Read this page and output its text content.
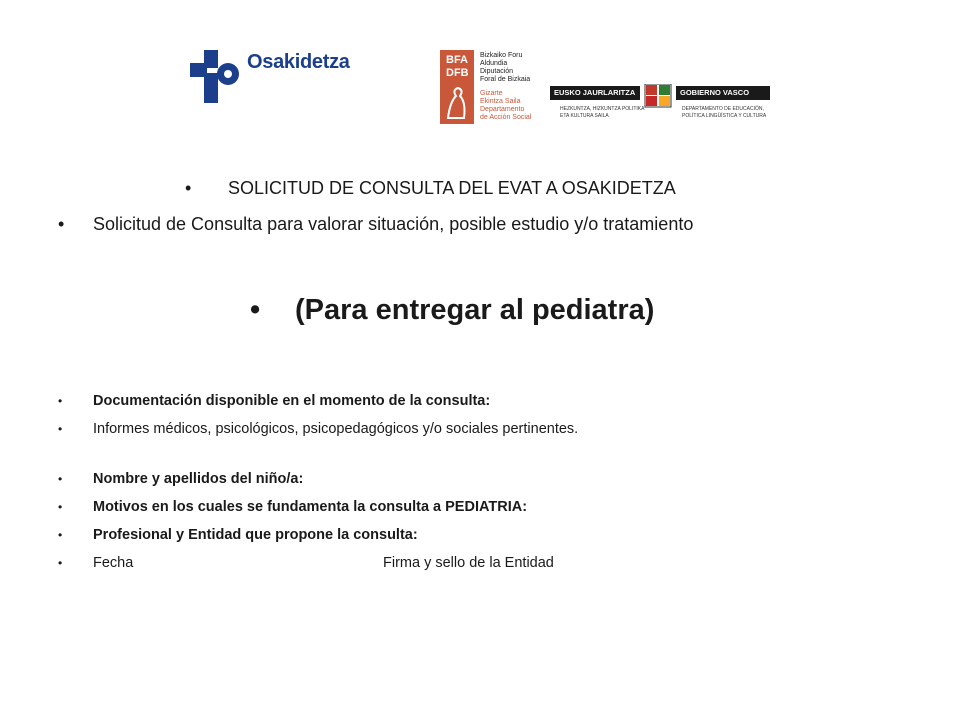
Osakidetza	BFA
DFB
Bizkaiko Foru
Aldundia
Diputación
Foral de Bizkaia
Gizarte
Ekintza Saila
Departamento
de Acción Social
EUSKO JAURLARITZA	GOBIERNO VASCO
HEZKUNTZA, HIZKUNTZA POLITIKA
ETA KULTURA SAILA
DEPARTAMENTO DE EDUCACIÓN,
POLÍTICA LINGÜÍSTICA Y CULTURA
• SOLICITUD DE CONSULTA DEL EVAT A OSAKIDETZA
• Solicitud de Consulta para valorar situación, posible estudio y/o tratamiento
• (Para entregar al pediatra)
• Documentación disponible en el momento de la consulta:
• Informes médicos, psicológicos, psicopedagógicos y/o sociales pertinentes.
• Nombre y apellidos del niño/a:
• Motivos en los cuales se fundamenta la consulta a PEDIATRIA:
• Profesional y Entidad que propone la consulta:
• Fecha	Firma y sello de la Entidad
